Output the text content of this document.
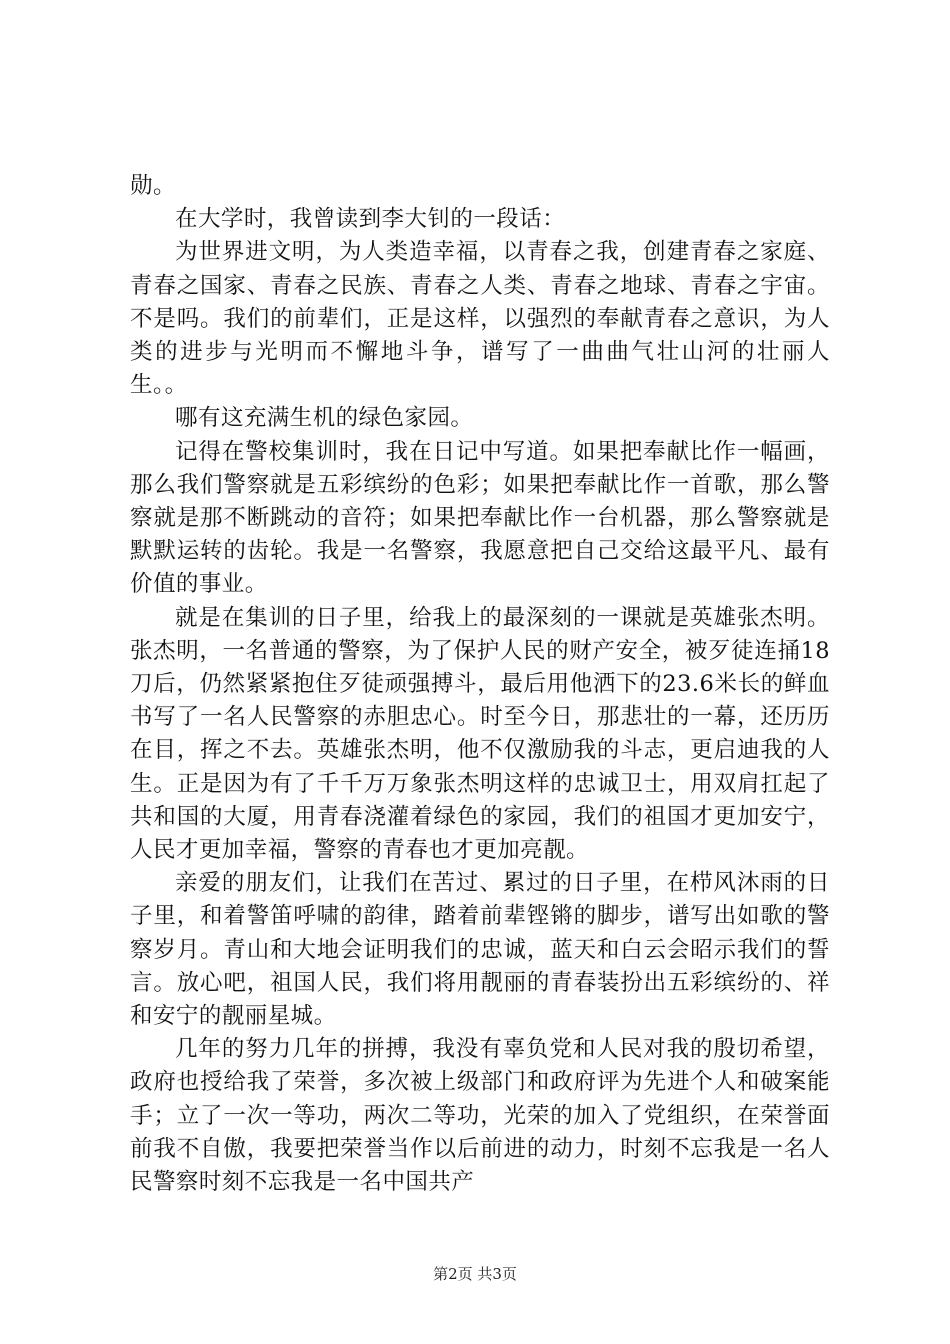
勋。

在大学时，我曾读到李大钊的一段话：

为世界进文明，为人类造幸福，以青春之我，创建青春之家庭、青春之国家、青春之民族、青春之人类、青春之地球、青春之宇宙。不是吗。我们的前辈们，正是这样，以强烈的奉献青春之意识，为人类的进步与光明而不懈地斗争，谱写了一曲曲气壮山河的壮丽人生。。

哪有这充满生机的绿色家园。

记得在警校集训时，我在日记中写道。如果把奉献比作一幅画，那么我们警察就是五彩缤纷的色彩；如果把奉献比作一首歌，那么警察就是那不断跳动的音符；如果把奉献比作一台机器，那么警察就是默默运转的齿轮。我是一名警察，我愿意把自己交给这最平凡、最有价值的事业。

就是在集训的日子里，给我上的最深刻的一课就是英雄张杰明。张杰明，一名普通的警察，为了保护人民的财产安全，被歹徒连捅18刀后，仍然紧紧抱住歹徒顽强搏斗，最后用他洒下的23.6米长的鲜血书写了一名人民警察的赤胆忠心。时至今日，那悲壮的一幕，还历历在目，挥之不去。英雄张杰明，他不仅激励我的斗志，更启迪我的人生。正是因为有了千千万万象张杰明这样的忠诚卫士，用双肩扛起了共和国的大厦，用青春浇灌着绿色的家园，我们的祖国才更加安宁，人民才更加幸福，警察的青春也才更加亮靓。

亲爱的朋友们，让我们在苦过、累过的日子里，在栉风沐雨的日子里，和着警笛呼啸的韵律，踏着前辈铿锵的脚步，谱写出如歌的警察岁月。青山和大地会证明我们的忠诚，蓝天和白云会昭示我们的誓言。放心吧，祖国人民，我们将用靓丽的青春装扮出五彩缤纷的、祥和安宁的靓丽星城。

几年的努力几年的拼搏，我没有辜负党和人民对我的殷切希望，政府也授给我了荣誉，多次被上级部门和政府评为先进个人和破案能手；立了一次一等功，两次二等功，光荣的加入了党组织，在荣誉面前我不自傲，我要把荣誉当作以后前进的动力，时刻不忘我是一名人民警察时刻不忘我是一名中国共产

第2页 共3页
